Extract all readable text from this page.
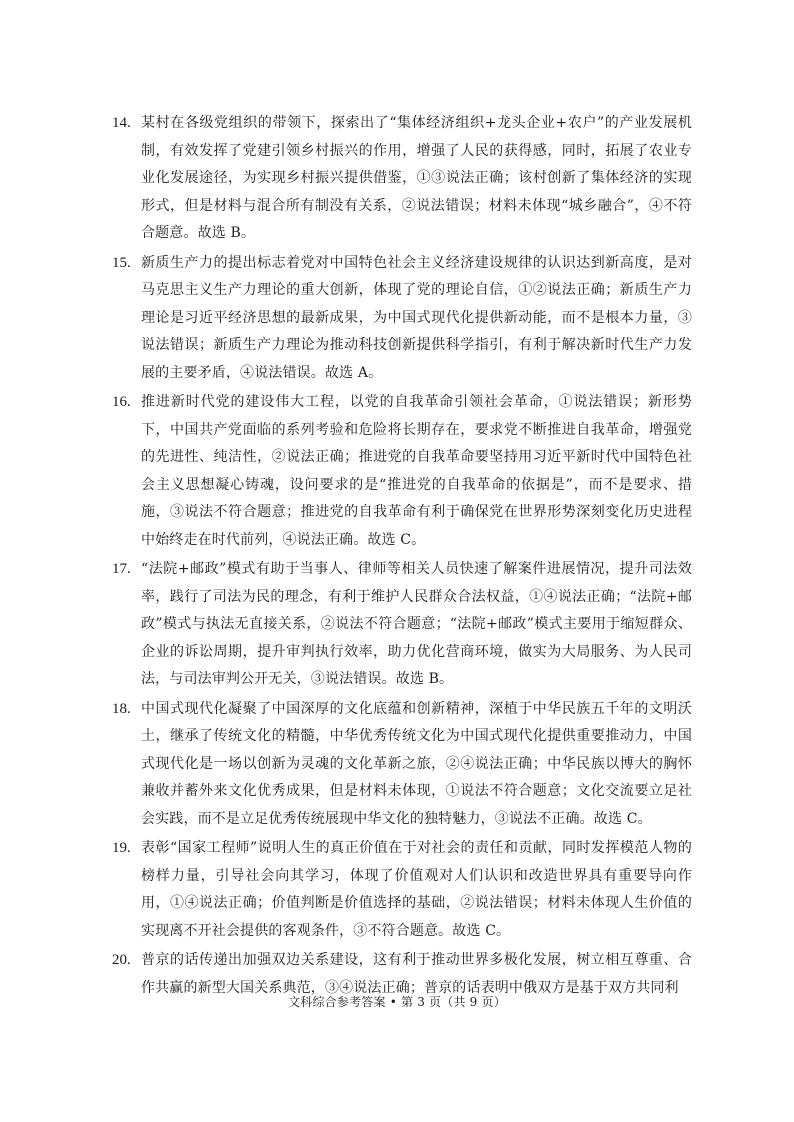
14. 某村在各级党组织的带领下，探索出了“集体经济组织+龙头企业+农户”的产业发展机制，有效发挥了党建引领乡村振兴的作用，增强了人民的获得感，同时，拓展了农业专业化发展途径，为实现乡村振兴提供借鉴，①③说法正确；该村创新了集体经济的实现形式，但是材料与混合所有制没有关系，②说法错误；材料未体现“城乡融合”，④不符合题意。故选 B。
15. 新质生产力的提出标志着党对中国特色社会主义经济建设规律的认识达到新高度，是对马克思主义生产力理论的重大创新，体现了党的理论自信，①②说法正确；新质生产力理论是习近平经济思想的最新成果，为中国式现代化提供新动能，而不是根本力量，③说法错误；新质生产力理论为推动科技创新提供科学指引，有利于解决新时代生产力发展的主要矛盾，④说法错误。故选 A。
16. 推进新时代党的建设伟大工程，以党的自我革命引领社会革命，①说法错误；新形势下，中国共产党面临的系列考验和危险将长期存在，要求党不断推进自我革命，增强党的先进性、纯洁性，②说法正确；推进党的自我革命要坚持用习近平新时代中国特色社会主义思想凝心铸魂，设问要求的是“推进党的自我革命的依据是”，而不是要求、措施，③说法不符合题意；推进党的自我革命有利于确保党在世界形势深刻变化历史进程中始终走在时代前列，④说法正确。故选 C。
17. “法院+邮政”模式有助于当事人、律师等相关人员快速了解案件进展情况，提升司法效率，践行了司法为民的理念，有利于维护人民群众合法权益，①④说法正确；“法院+邮政”模式与执法无直接关系，②说法不符合题意；“法院+邮政”模式主要用于缩短群众、企业的诉讼周期，提升审判执行效率，助力优化营商环境，做实为大局服务、为人民司法，与司法审判公开无关，③说法错误。故选 B。
18. 中国式现代化凝聚了中国深厚的文化底蕴和创新精神，深植于中华民族五千年的文明沃土，继承了传统文化的精髓，中华优秀传统文化为中国式现代化提供重要推动力，中国式现代化是一场以创新为灵魂的文化革新之旅，②④说法正确；中华民族以博大的胸怀兼收并蓄外来文化优秀成果，但是材料未体现，①说法不符合题意；文化交流要立足社会实践，而不是立足优秀传统展现中华文化的独特魅力，③说法不正确。故选 C。
19. 表彰“国家工程师”说明人生的真正价值在于对社会的责任和贡献，同时发挥模范人物的榜样力量，引导社会向其学习，体现了价值观对人们认识和改造世界具有重要导向作用，①④说法正确；价值判断是价值选择的基础，②说法错误；材料未体现人生价值的实现离不开社会提供的客观条件，③不符合题意。故选 C。
20. 普京的话传递出加强双边关系建设，这有利于推动世界多极化发展，树立相互尊重、合作共赢的新型大国关系典范，③④说法正确；普京的话表明中俄双方是基于双方共同利
文科综合参考答案 • 第 3 页（共 9 页）
